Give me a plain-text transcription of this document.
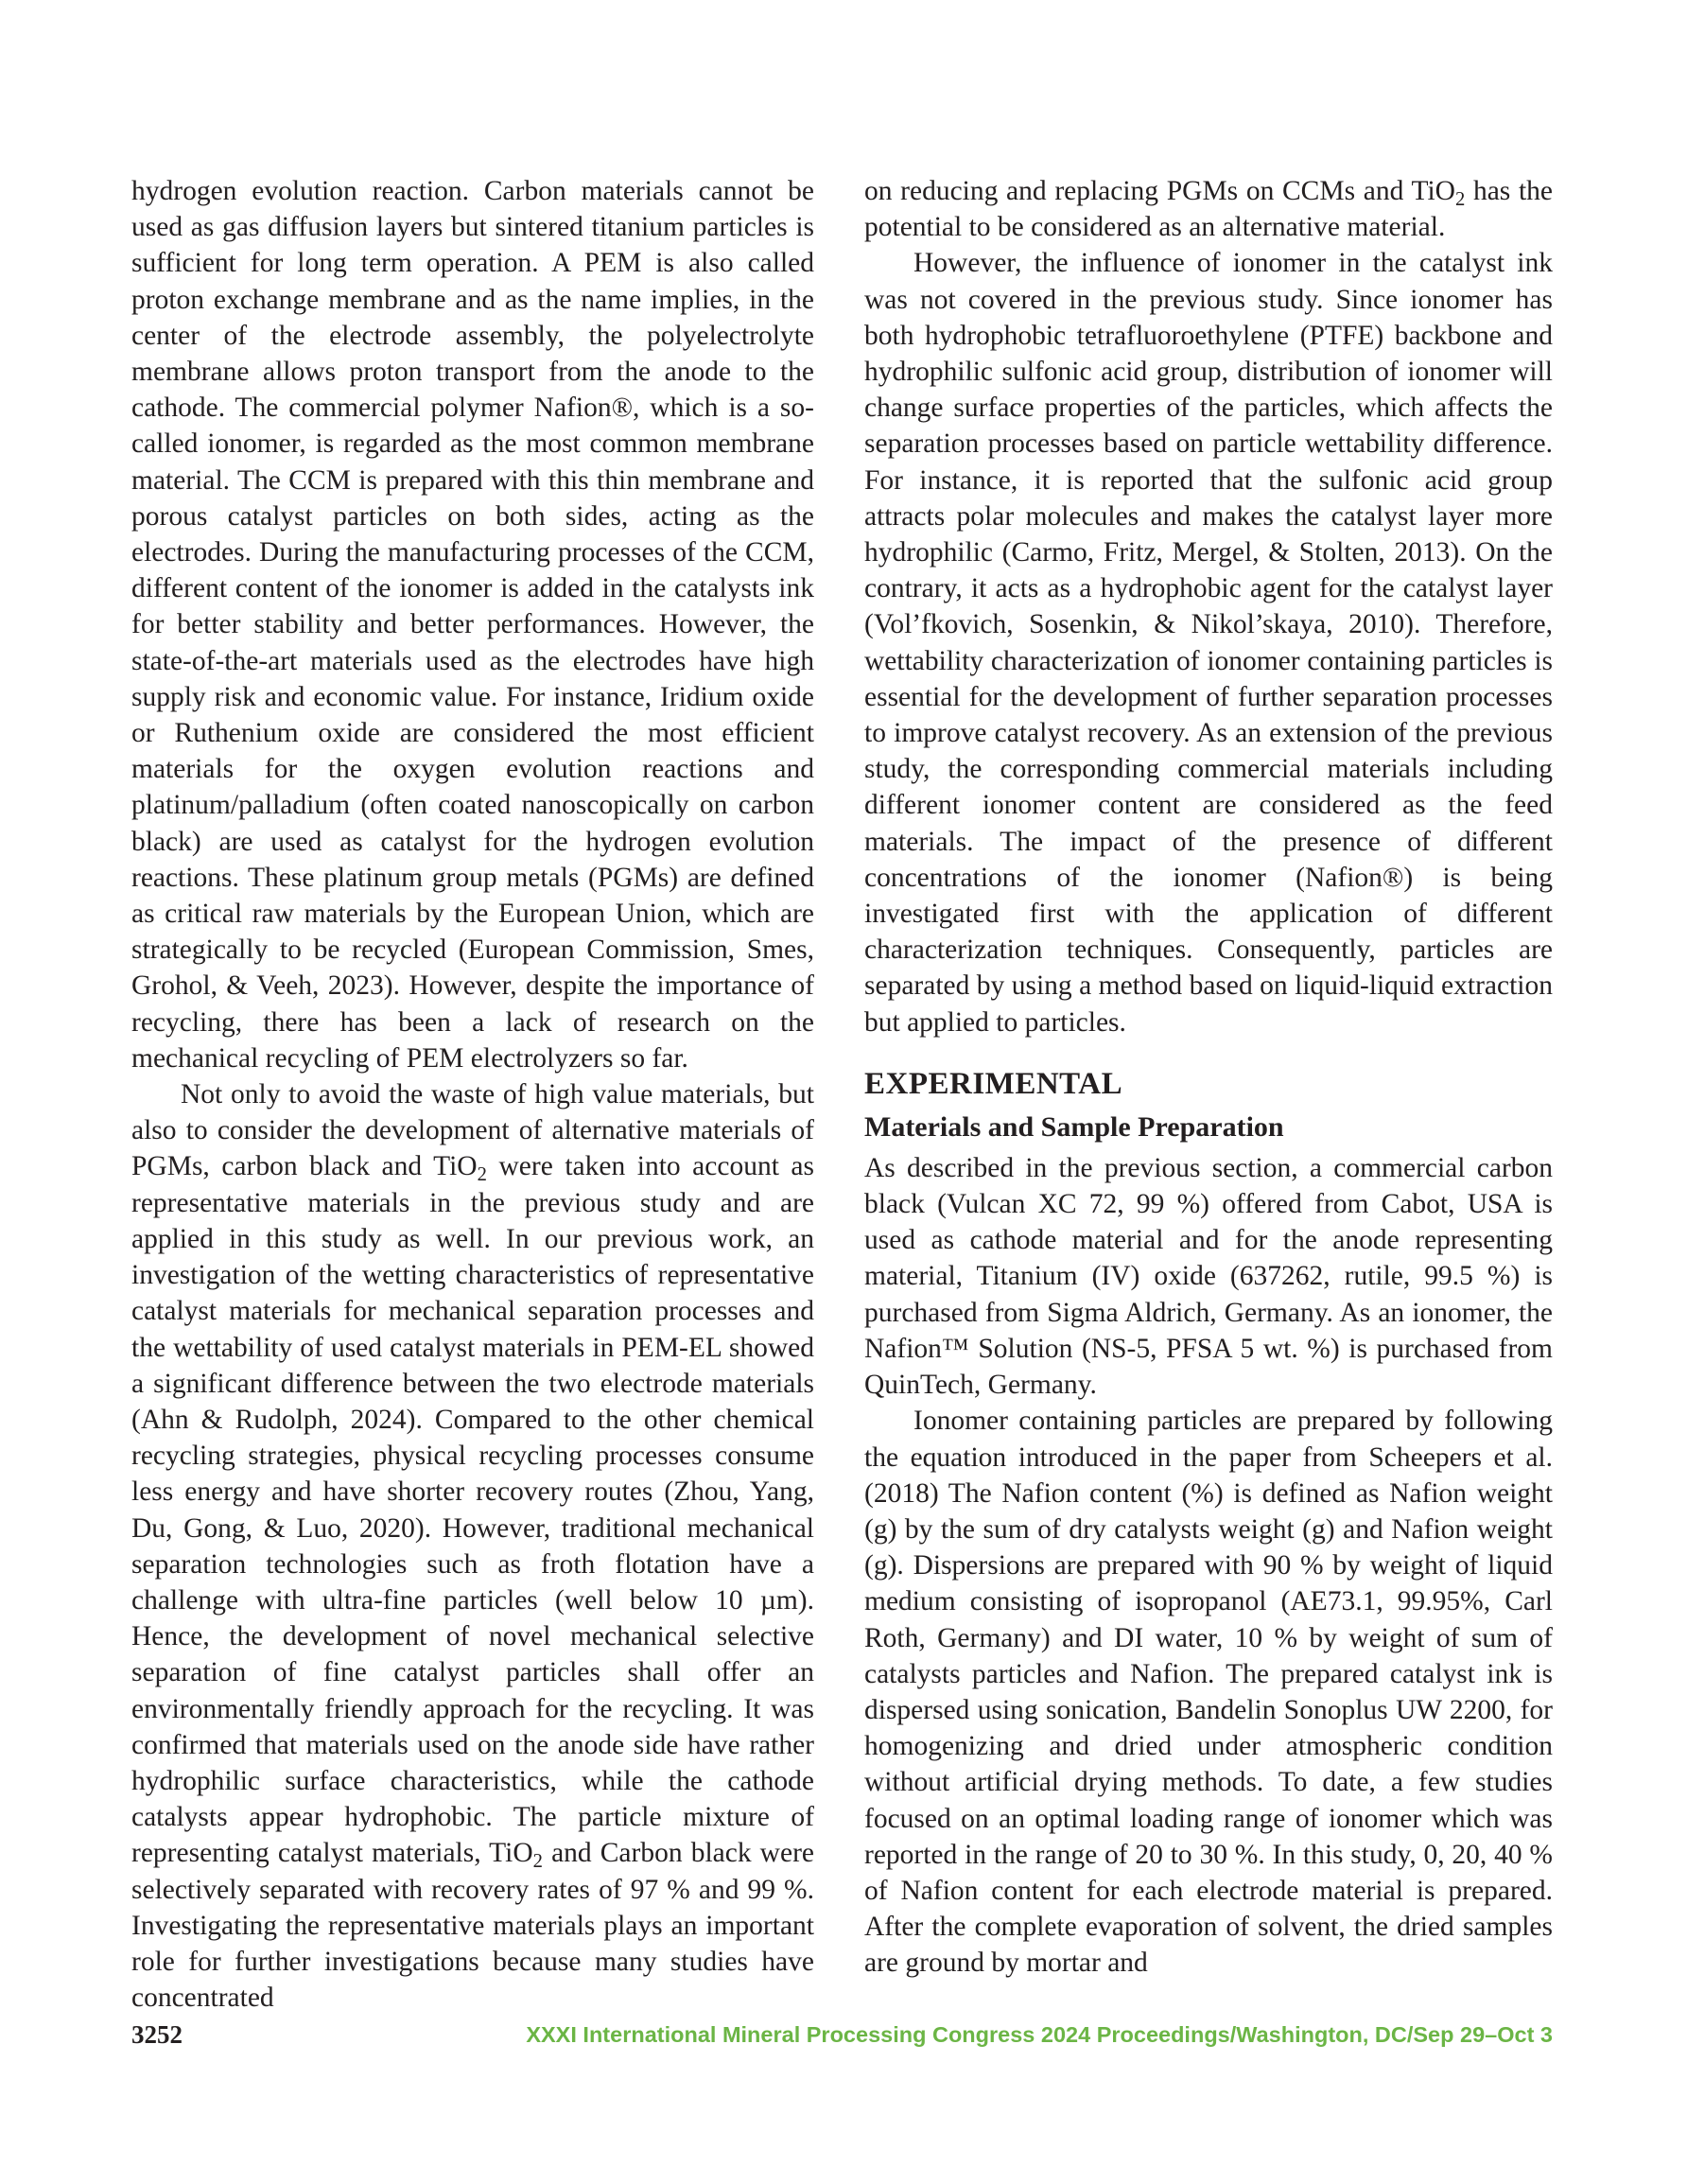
hydrogen evolution reaction. Carbon materials cannot be used as gas diffusion layers but sintered titanium particles is sufficient for long term operation. A PEM is also called proton exchange membrane and as the name implies, in the center of the electrode assembly, the polyelectrolyte membrane allows proton transport from the anode to the cathode. The commercial polymer Nafion®, which is a so-called ionomer, is regarded as the most common membrane material. The CCM is prepared with this thin membrane and porous catalyst particles on both sides, acting as the electrodes. During the manufacturing processes of the CCM, different content of the ionomer is added in the catalysts ink for better stability and better performances. However, the state-of-the-art materials used as the electrodes have high supply risk and economic value. For instance, Iridium oxide or Ruthenium oxide are considered the most efficient materials for the oxygen evolution reactions and platinum/palladium (often coated nanoscopically on carbon black) are used as catalyst for the hydrogen evolution reactions. These platinum group metals (PGMs) are defined as critical raw materials by the European Union, which are strategically to be recycled (European Commission, Smes, Grohol, & Veeh, 2023). However, despite the importance of recycling, there has been a lack of research on the mechanical recycling of PEM electrolyzers so far.

Not only to avoid the waste of high value materials, but also to consider the development of alternative materials of PGMs, carbon black and TiO$_2$ were taken into account as representative materials in the previous study and are applied in this study as well. In our previous work, an investigation of the wetting characteristics of representative catalyst materials for mechanical separation processes and the wettability of used catalyst materials in PEM-EL showed a significant difference between the two electrode materials (Ahn & Rudolph, 2024). Compared to the other chemical recycling strategies, physical recycling processes consume less energy and have shorter recovery routes (Zhou, Yang, Du, Gong, & Luo, 2020). However, traditional mechanical separation technologies such as froth flotation have a challenge with ultra-fine particles (well below 10 µm). Hence, the development of novel mechanical selective separation of fine catalyst particles shall offer an environmentally friendly approach for the recycling. It was confirmed that materials used on the anode side have rather hydrophilic surface characteristics, while the cathode catalysts appear hydrophobic. The particle mixture of representing catalyst materials, TiO$_2$ and Carbon black were selectively separated with recovery rates of 97 % and 99 %. Investigating the representative materials plays an important role for further investigations because many studies have concentrated

on reducing and replacing PGMs on CCMs and TiO$_2$ has the potential to be considered as an alternative material.

However, the influence of ionomer in the catalyst ink was not covered in the previous study. Since ionomer has both hydrophobic tetrafluoroethylene (PTFE) backbone and hydrophilic sulfonic acid group, distribution of ionomer will change surface properties of the particles, which affects the separation processes based on particle wettability difference. For instance, it is reported that the sulfonic acid group attracts polar molecules and makes the catalyst layer more hydrophilic (Carmo, Fritz, Mergel, & Stolten, 2013). On the contrary, it acts as a hydrophobic agent for the catalyst layer (Vol’fkovich, Sosenkin, & Nikol’skaya, 2010). Therefore, wettability characterization of ionomer containing particles is essential for the development of further separation processes to improve catalyst recovery. As an extension of the previous study, the corresponding commercial materials including different ionomer content are considered as the feed materials. The impact of the presence of different concentrations of the ionomer (Nafion®) is being investigated first with the application of different characterization techniques. Consequently, particles are separated by using a method based on liquid-liquid extraction but applied to particles.

EXPERIMENTAL
Materials and Sample Preparation

As described in the previous section, a commercial carbon black (Vulcan XC 72, 99 %) offered from Cabot, USA is used as cathode material and for the anode representing material, Titanium (IV) oxide (637262, rutile, 99.5 %) is purchased from Sigma Aldrich, Germany. As an ionomer, the Nafion™ Solution (NS-5, PFSA 5 wt. %) is purchased from QuinTech, Germany.

Ionomer containing particles are prepared by following the equation introduced in the paper from Scheepers et al.(2018) The Nafion content (%) is defined as Nafion weight (g) by the sum of dry catalysts weight (g) and Nafion weight (g). Dispersions are prepared with 90 % by weight of liquid medium consisting of isopropanol (AE73.1, 99.95%, Carl Roth, Germany) and DI water, 10 % by weight of sum of catalysts particles and Nafion. The prepared catalyst ink is dispersed using sonication, Bandelin Sonoplus UW 2200, for homogenizing and dried under atmospheric condition without artificial drying methods. To date, a few studies focused on an optimal loading range of ionomer which was reported in the range of 20 to 30 %. In this study, 0, 20, 40 % of Nafion content for each electrode material is prepared. After the complete evaporation of solvent, the dried samples are ground by mortar and

3252	XXXI International Mineral Processing Congress 2024 Proceedings/Washington, DC/Sep 29–Oct 3
